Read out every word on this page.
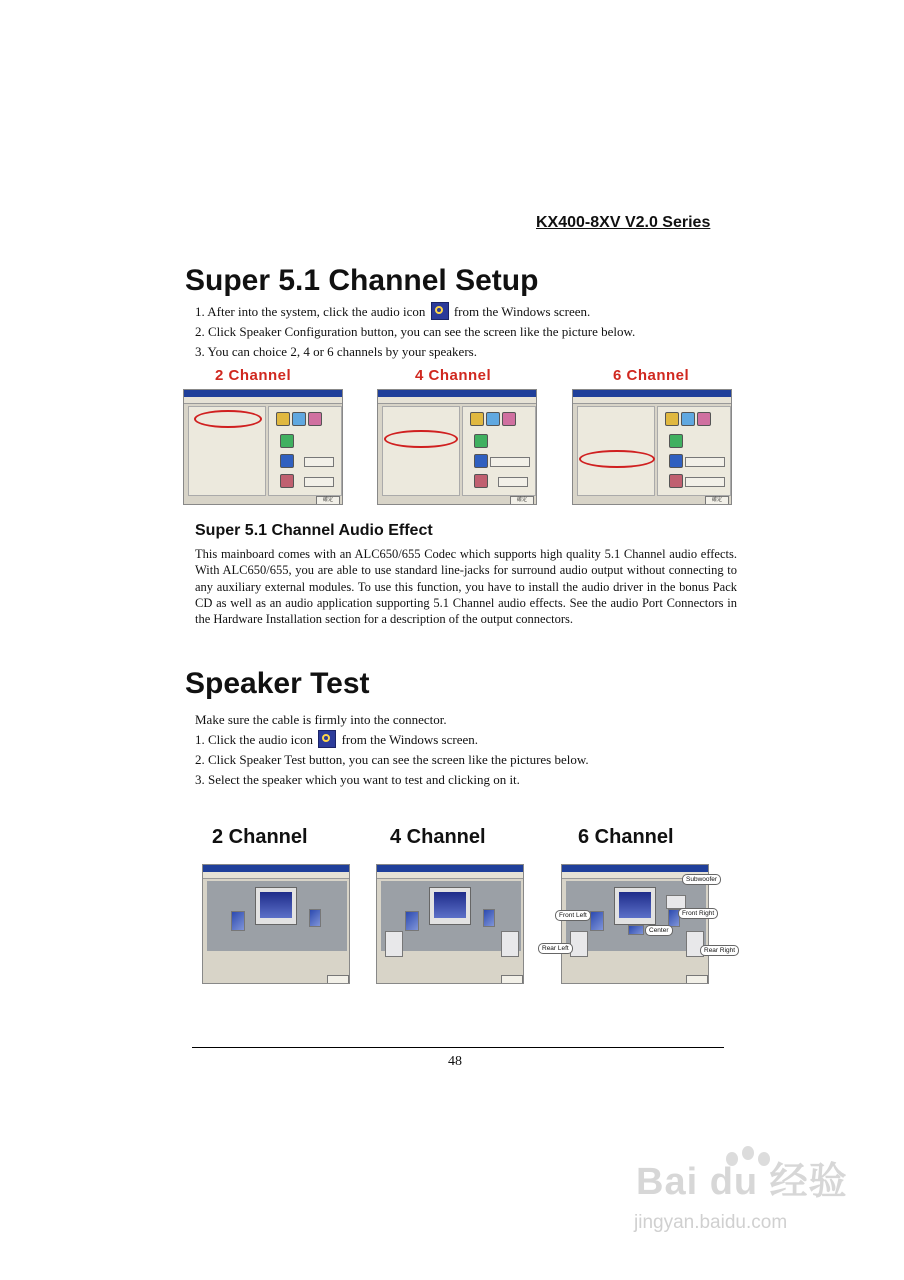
KX400-8XV V2.0 Series
Super 5.1 Channel Setup
1. After into the system, click the audio icon from the Windows screen.
2. Click Speaker Configuration button, you can see the screen like the picture below.
3. You can choice 2, 4 or 6 channels by your speakers.
2 Channel	4 Channel	6 Channel
確定	確定	確定
Super 5.1 Channel Audio Effect
This mainboard comes with an ALC650/655 Codec which supports high quality 5.1 Channel audio effects. With ALC650/655, you are able to use standard line-jacks for surround audio output without connecting to any auxiliary external modules. To use this function, you have to install the audio driver in the bonus Pack CD as well as an audio application supporting 5.1 Channel audio effects. See the audio Port Connectors in the Hardware Installation section for a description of the output connectors.
Speaker Test
Make sure the cable is firmly into the connector.
1. Click the audio icon from the Windows screen.
2. Click Speaker Test button, you can see the screen like the pictures below.
3. Select the speaker which you want to test and clicking on it.
2 Channel	4 Channel	6 Channel
Subwoofer
Front Left	Front Right
Center
Rear Left	Rear Right
48
Bai du 经验
jingyan.baidu.com
